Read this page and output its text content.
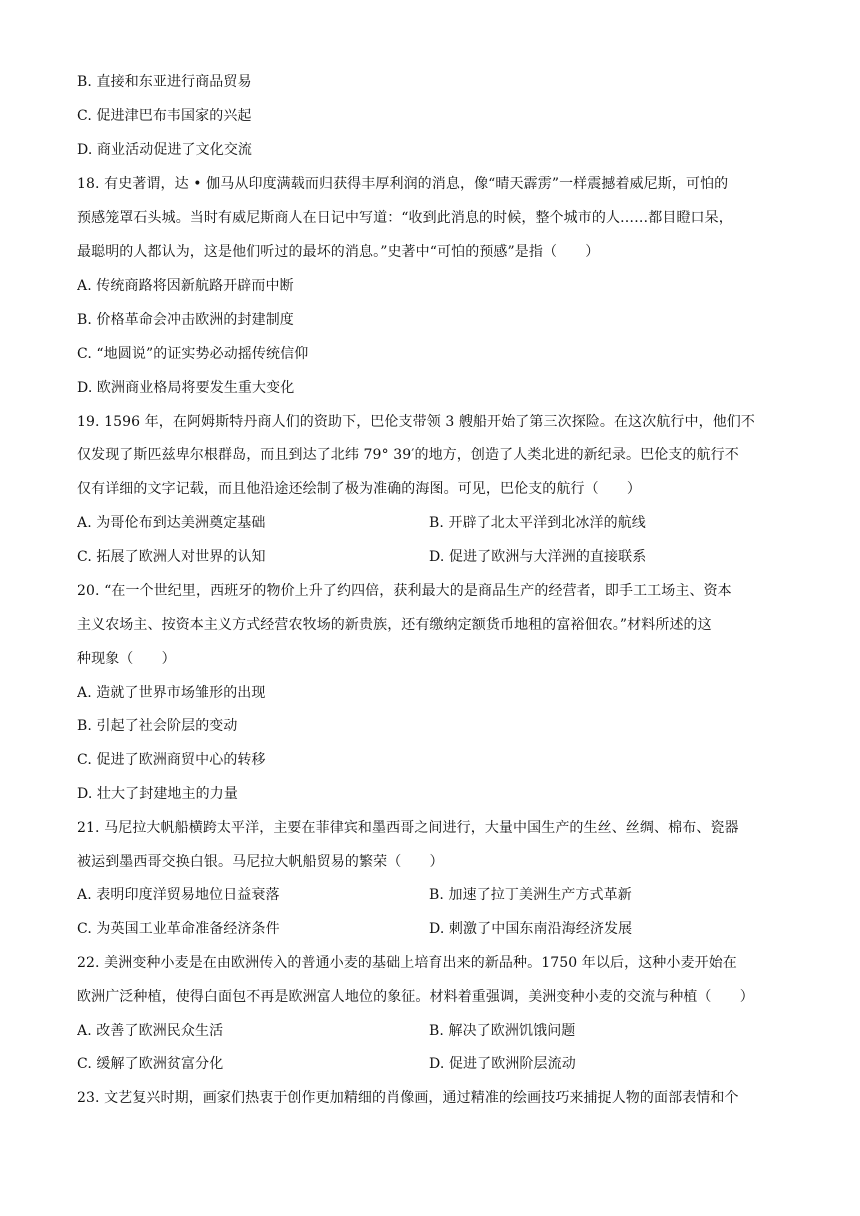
B. 直接和东亚进行商品贸易
C. 促进津巴布韦国家的兴起
D. 商业活动促进了文化交流
18. 有史著谓，达 • 伽马从印度满载而归获得丰厚利润的消息，像“晴天霹雳”一样震撼着威尼斯，可怕的
预感笼罩石头城。当时有威尼斯商人在日记中写道：“收到此消息的时候，整个城市的人……都目瞪口呆，
最聪明的人都认为，这是他们听过的最坏的消息。”史著中“可怕的预感”是指（　　）
A. 传统商路将因新航路开辟而中断
B. 价格革命会冲击欧洲的封建制度
C. “地圆说”的证实势必动摇传统信仰
D. 欧洲商业格局将要发生重大变化
19. 1596 年，在阿姆斯特丹商人们的资助下，巴伦支带领 3 艘船开始了第三次探险。在这次航行中，他们不
仅发现了斯匹兹卑尔根群岛，而且到达了北纬 79° 39′的地方，创造了人类北进的新纪录。巴伦支的航行不
仅有详细的文字记载，而且他沿途还绘制了极为准确的海图。可见，巴伦支的航行（　　）
A. 为哥伦布到达美洲奠定基础	B. 开辟了北太平洋到北冰洋的航线
C. 拓展了欧洲人对世界的认知	D. 促进了欧洲与大洋洲的直接联系
20. “在一个世纪里，西班牙的物价上升了约四倍，获利最大的是商品生产的经营者，即手工工场主、资本
主义农场主、按资本主义方式经营农牧场的新贵族，还有缴纳定额货币地租的富裕佃农。”材料所述的这
种现象（　　）
A. 造就了世界市场雏形的出现
B. 引起了社会阶层的变动
C. 促进了欧洲商贸中心的转移
D. 壮大了封建地主的力量
21. 马尼拉大帆船横跨太平洋，主要在菲律宾和墨西哥之间进行，大量中国生产的生丝、丝绸、棉布、瓷器
被运到墨西哥交换白银。马尼拉大帆船贸易的繁荣（　　）
A. 表明印度洋贸易地位日益衰落	B. 加速了拉丁美洲生产方式革新
C. 为英国工业革命准备经济条件	D. 刺激了中国东南沿海经济发展
22. 美洲变种小麦是在由欧洲传入的普通小麦的基础上培育出来的新品种。1750 年以后，这种小麦开始在
欧洲广泛种植，使得白面包不再是欧洲富人地位的象征。材料着重强调，美洲变种小麦的交流与种植（　　）
A. 改善了欧洲民众生活	B. 解决了欧洲饥饿问题
C. 缓解了欧洲贫富分化	D. 促进了欧洲阶层流动
23. 文艺复兴时期，画家们热衷于创作更加精细的肖像画，通过精准的绘画技巧来捕捉人物的面部表情和个
